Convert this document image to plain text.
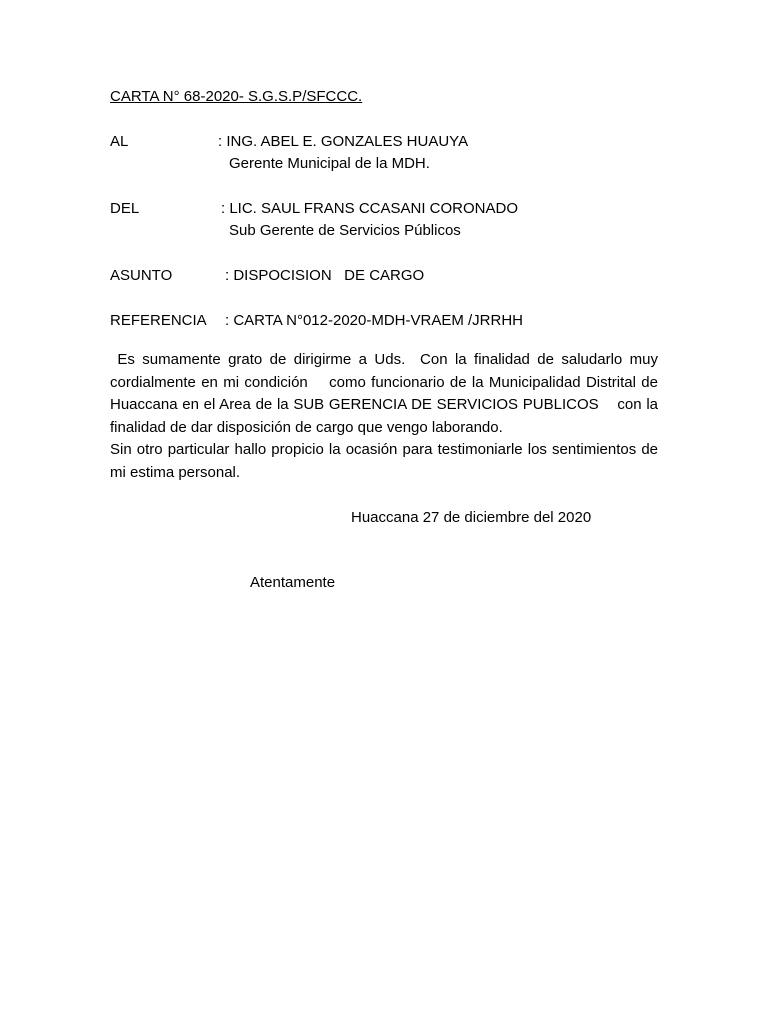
CARTA N° 68-2020- S.G.S.P/SFCCC.
AL	: ING. ABEL E. GONZALES HUAUYA
Gerente Municipal de la MDH.
DEL	: LIC. SAUL FRANS CCASANI CORONADO
Sub Gerente de Servicios Públicos
ASUNTO	: DISPOCISION   DE CARGO
REFERENCIA : CARTA N°012-2020-MDH-VRAEM /JRRHH

Es sumamente grato de dirigirme a Uds.  Con la finalidad de saludarlo muy cordialmente en mi condición    como funcionario de la Municipalidad Distrital de Huaccana en el Area de la SUB GERENCIA DE SERVICIOS PUBLICOS    con la finalidad de dar disposición de cargo que vengo laborando.

Sin otro particular hallo propicio la ocasión para testimoniarle los sentimientos de mi estima personal.

Huaccana 27 de diciembre del 2020
Atentamente
